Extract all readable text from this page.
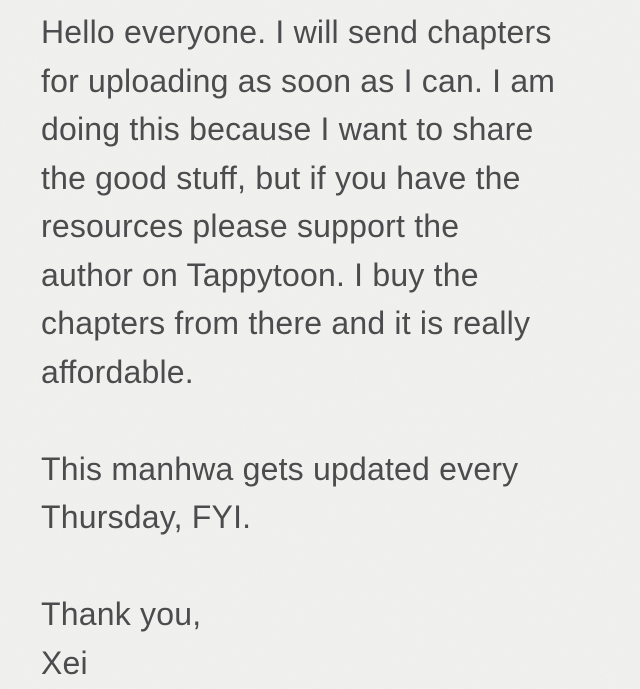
Hello everyone. I will send chapters
for uploading as soon as I can. I am
doing this because I want to share
the good stuff, but if you have the
resources please support the
author on Tappytoon. I buy the
chapters from there and it is really
affordable.

This manhwa gets updated every
Thursday, FYI.

Thank you,
Xei
